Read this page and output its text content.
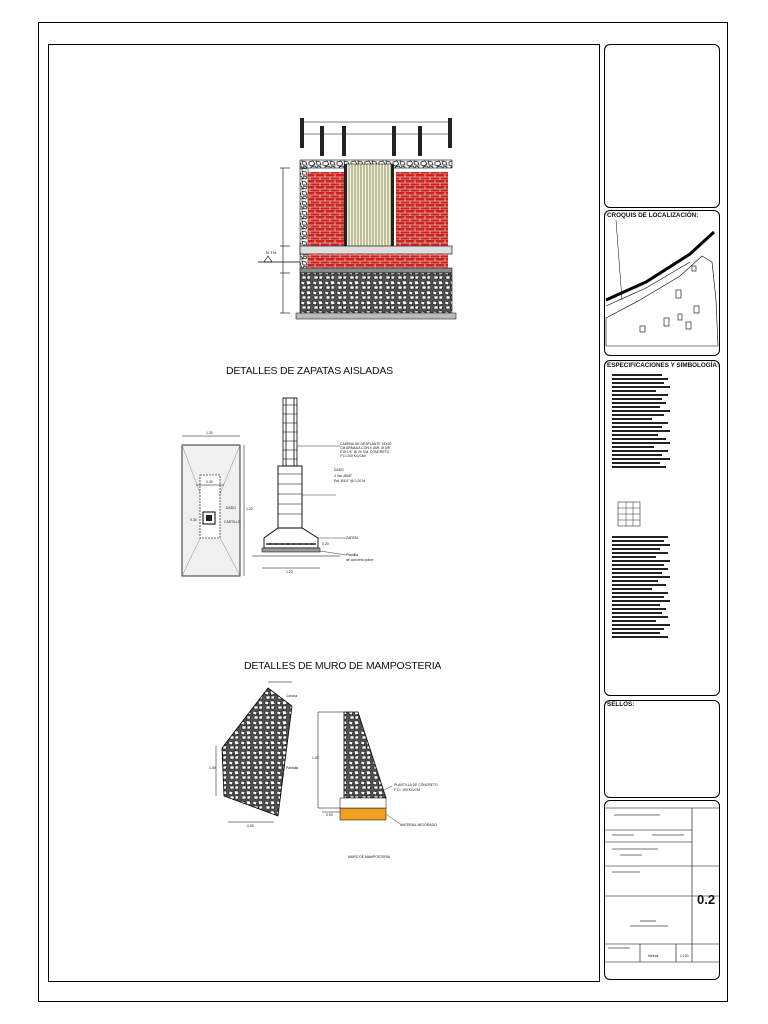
N.T.N.
DETALLES DE ZAPATAS AISLADAS
1.20
1.20
DADO
CASTILLO
0.30
0.30
CADENA DE DESPLANTE 15X20 CM ARMADA CON 4 VAR. Ø 3/8" E Ø 1/4" @ 20 CM. CONCRETO F'C=200 KG/CM²
DADO
4 Var. Ø5/8"
Est. Ø1/4" @ 0.20 M
ZAPATA
Plantilla
de concreto pobre
1.20
0.20
DETALLES DE MURO DE MAMPOSTERIA
Corona
Pantalla
1.00
0.50
1.00
0.90
PLANTILLA DE CONCRETO
F'C= 100 KG/CM
MATERIAL MEJORADO
MURO DE MAMPOSTERIA
CROQUIS DE LOCALIZACIÓN:
ESPECIFICACIONES Y SIMBOLOGÍA:
SELLOS:
0.2
Metros	1:100
